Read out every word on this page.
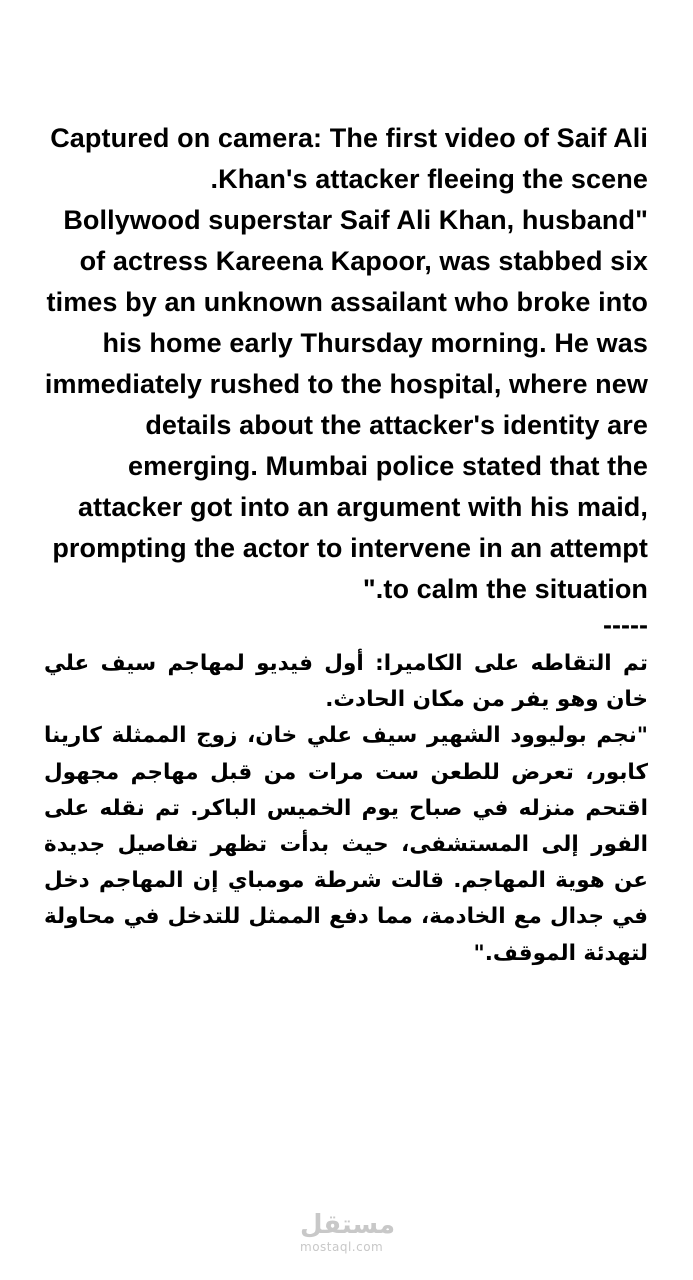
Captured on camera: The first video of Saif Ali Khan's attacker fleeing the scene.

"Bollywood superstar Saif Ali Khan, husband of actress Kareena Kapoor, was stabbed six times by an unknown assailant who broke into his home early Thursday morning. He was immediately rushed to the hospital, where new details about the attacker's identity are emerging. Mumbai police stated that the attacker got into an argument with his maid, prompting the actor to intervene in an attempt to calm the situation."

-----

تم التقاطه على الكاميرا: أول فيديو لمهاجم سيف علي خان وهو يفر من مكان الحادث.

"نجم بوليوود الشهير سيف علي خان، زوج الممثلة كارينا كابور، تعرض للطعن ست مرات من قبل مهاجم مجهول اقتحم منزله في صباح يوم الخميس الباكر. تم نقله على الفور إلى المستشفى، حيث بدأت تظهر تفاصيل جديدة عن هوية المهاجم. قالت شرطة مومباي إن المهاجم دخل في جدال مع الخادمة، مما دفع الممثل للتدخل في محاولة لتهدئة الموقف."

مستقل
mostaql.com
